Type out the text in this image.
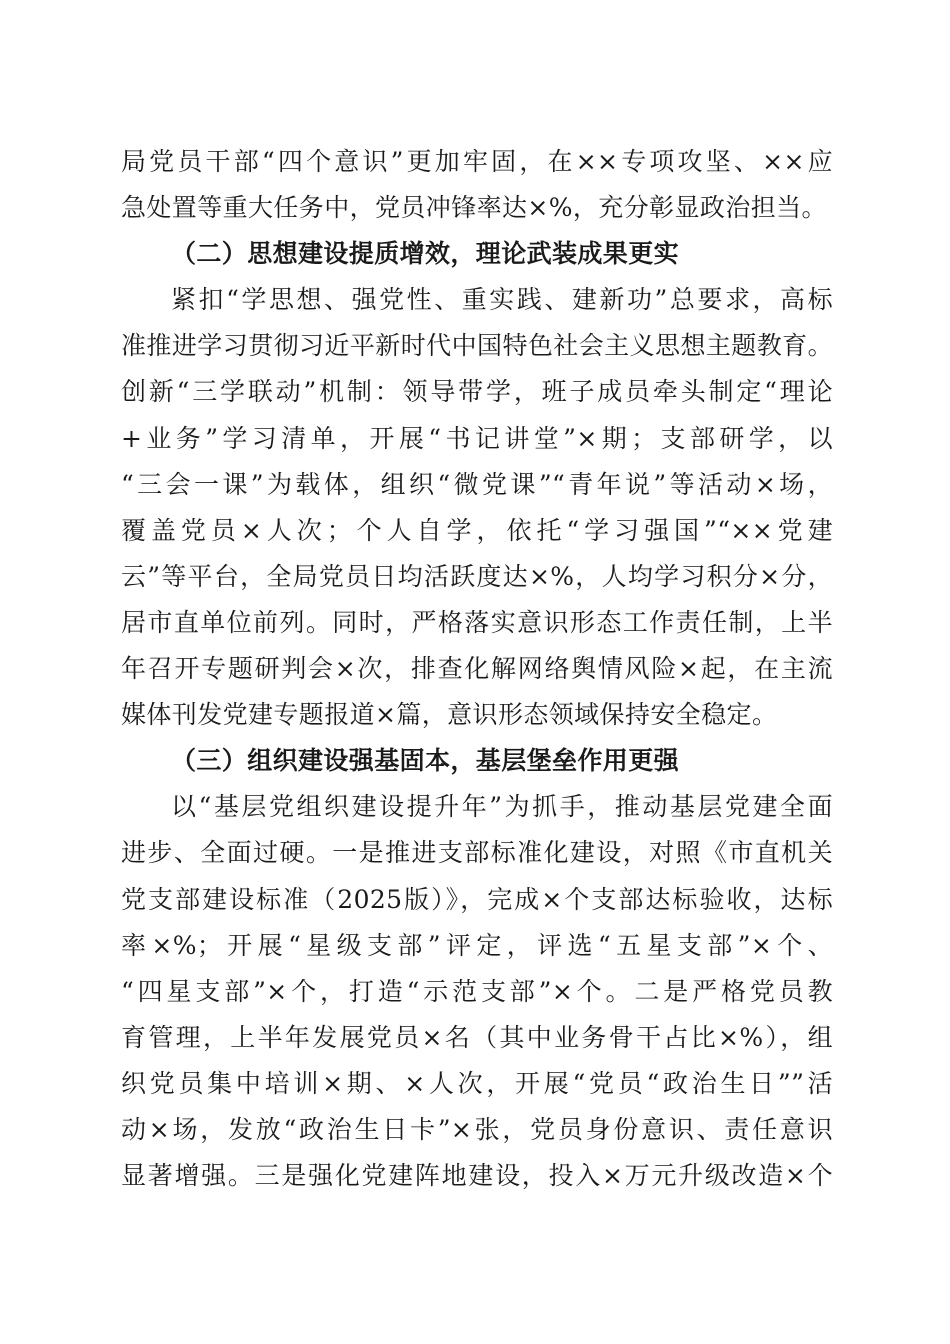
局党员干部“四个意识”更加牢固，在××专项攻坚、××应
急处置等重大任务中，党员冲锋率达×%，充分彰显政治担当。
（二）思想建设提质增效，理论武装成果更实
紧扣“学思想、强党性、重实践、建新功”总要求，高标
准推进学习贯彻习近平新时代中国特色社会主义思想主题教育。
创新“三学联动”机制：领导带学，班子成员牵头制定“理论
+业务”学习清单，开展“书记讲堂”×期；支部研学，以
“三会一课”为载体，组织“微党课”“青年说”等活动×场，
覆盖党员×人次；个人自学，依托“学习强国”“××党建
云”等平台，全局党员日均活跃度达×%，人均学习积分×分，
居市直单位前列。同时，严格落实意识形态工作责任制，上半
年召开专题研判会×次，排查化解网络舆情风险×起，在主流
媒体刊发党建专题报道×篇，意识形态领域保持安全稳定。
（三）组织建设强基固本，基层堡垒作用更强
以“基层党组织建设提升年”为抓手，推动基层党建全面
进步、全面过硬。一是推进支部标准化建设，对照《市直机关
党支部建设标准（2025版）》，完成×个支部达标验收，达标
率×%；开展“星级支部”评定，评选“五星支部”×个、
“四星支部”×个，打造“示范支部”×个。二是严格党员教
育管理，上半年发展党员×名（其中业务骨干占比×%），组
织党员集中培训×期、×人次，开展“党员“政治生日””活
动×场，发放“政治生日卡”×张，党员身份意识、责任意识
显著增强。三是强化党建阵地建设，投入×万元升级改造×个
